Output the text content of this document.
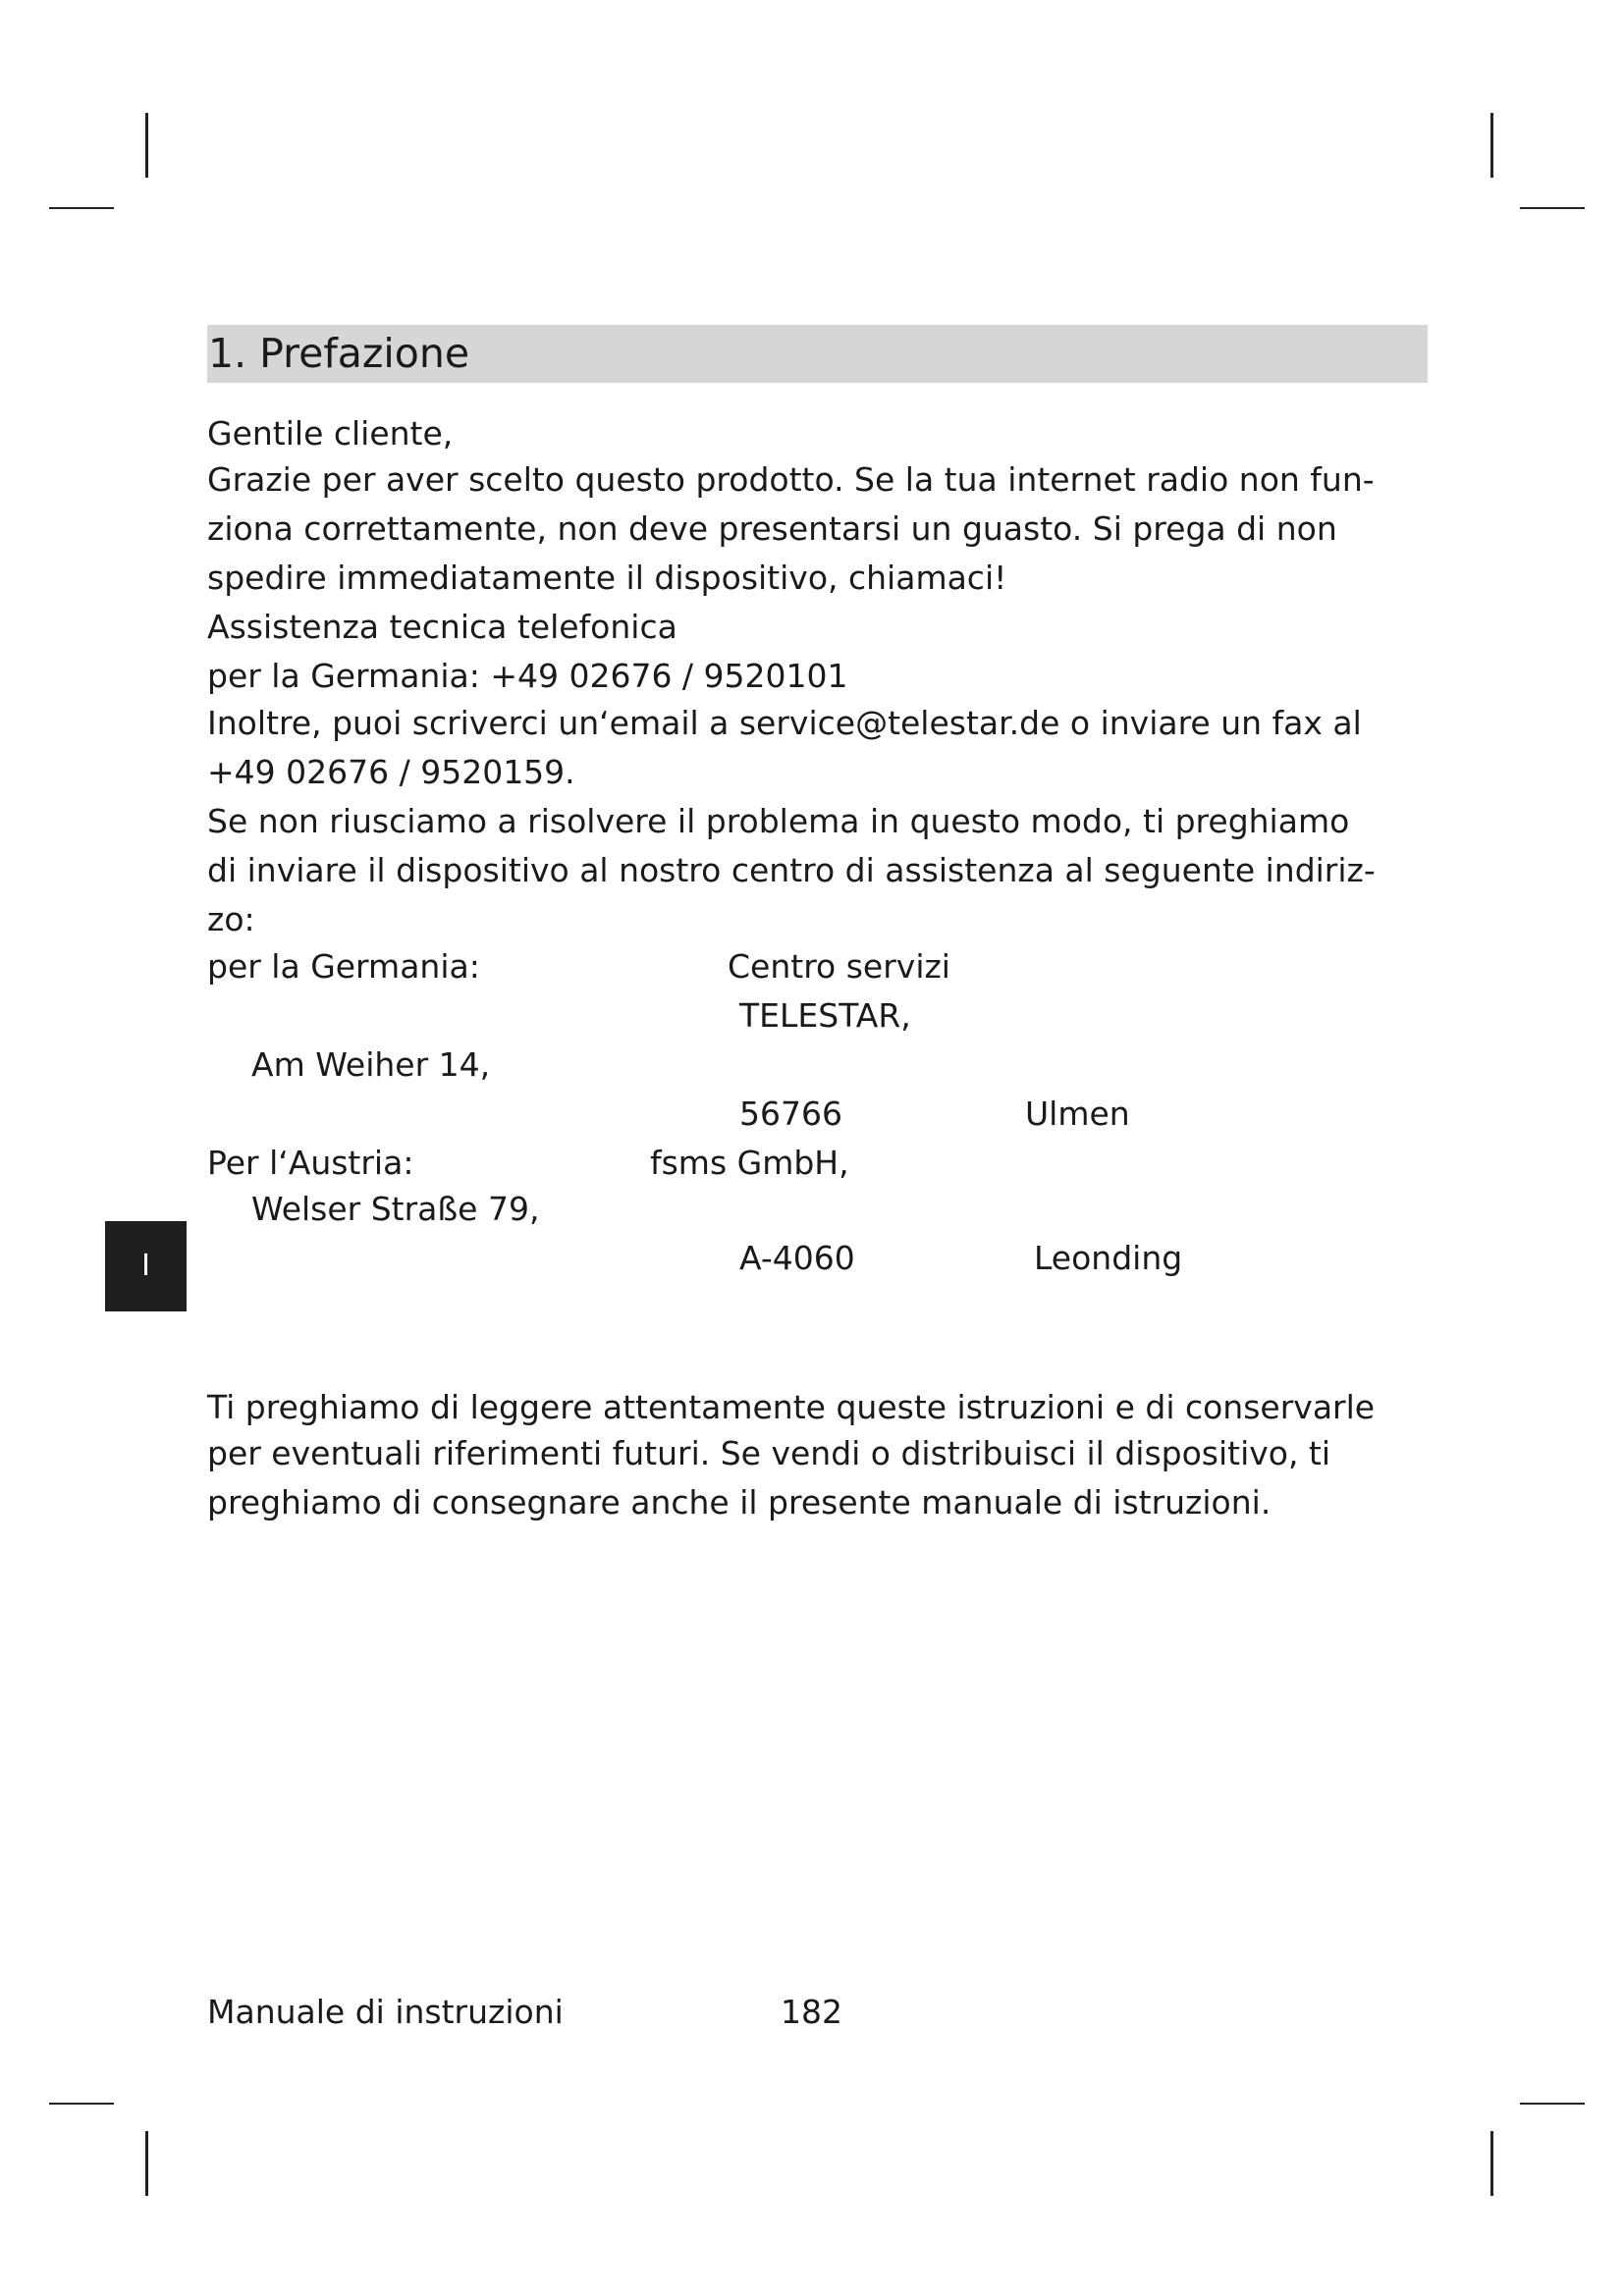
1. Prefazione
Gentile cliente,
Grazie per aver scelto questo prodotto. Se la tua internet radio non fun-
ziona correttamente, non deve presentarsi un guasto. Si prega di non
spedire immediatamente il dispositivo, chiamaci!
Assistenza tecnica telefonica
per la Germania: +49 02676 / 9520101
Inoltre, puoi scriverci un‘email a service@telestar.de o inviare un fax al
+49 02676 / 9520159.
Se non riusciamo a risolvere il problema in questo modo, ti preghiamo
di inviare il dispositivo al nostro centro di assistenza al seguente indiriz-
zo:
per la Germania:	Centro servizi
TELESTAR,
Am Weiher 14,
56766	Ulmen
Per l‘Austria:	fsms GmbH,
Welser Straße 79,
A-4060	Leonding
I
Ti preghiamo di leggere attentamente queste istruzioni e di conservarle
per eventuali riferimenti futuri. Se vendi o distribuisci il dispositivo, ti
preghiamo di consegnare anche il presente manuale di istruzioni.
Manuale di instruzioni	182
